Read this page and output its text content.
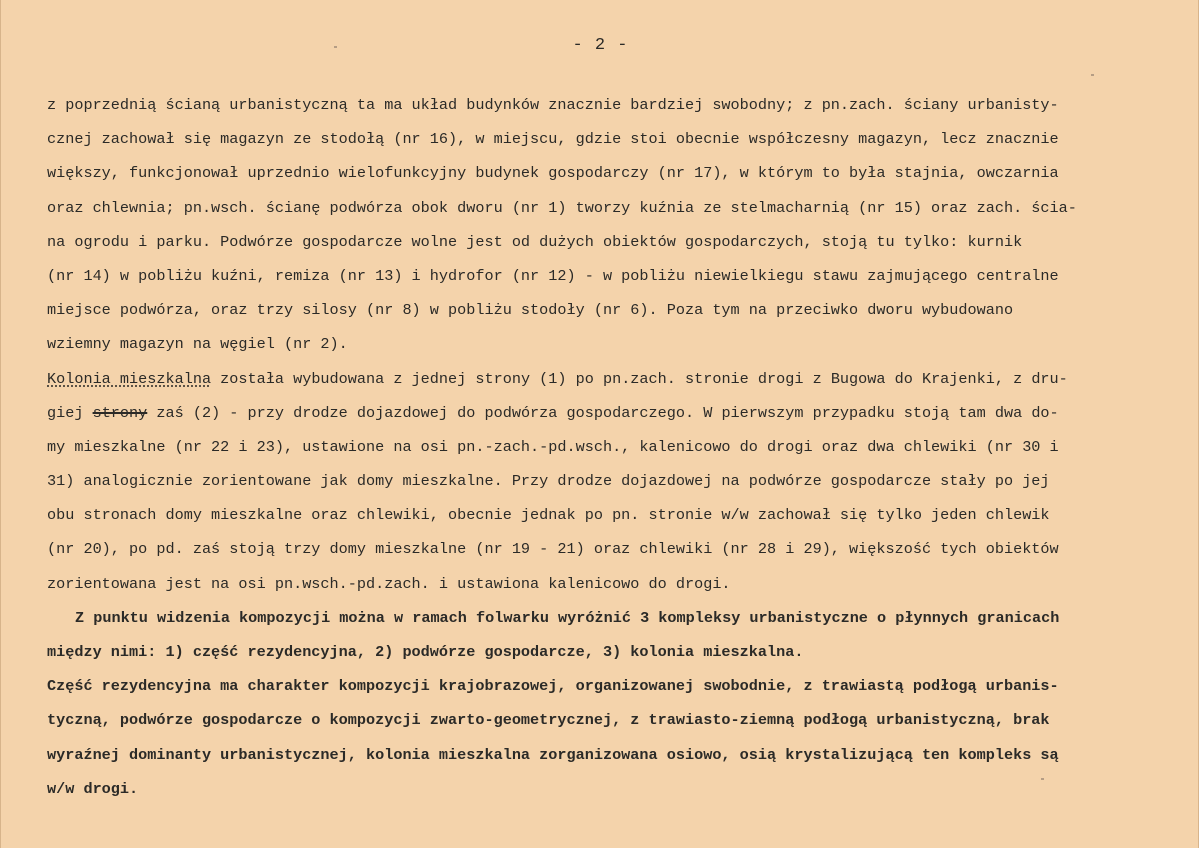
- 2 -
z poprzednią ścianą urbanistyczną ta ma układ budynków znacznie bardziej swobodny; z pn.zach. ściany urbanisty-
cznej zachował się magazyn ze stodołą (nr 16), w miejscu, gdzie stoi obecnie współczesny magazyn, lecz znacznie
większy, funkcjonował uprzednio wielofunkcyjny budynek gospodarczy (nr 17), w którym to była stajnia, owczarnia
oraz chlewnia; pn.wsch. ścianę podwórza obok dworu (nr 1) tworzy kuźnia ze stelmacharnią (nr 15) oraz zach. ścia-
na ogrodu i parku. Podwórze gospodarcze wolne jest od dużych obiektów gospodarczych, stoją tu tylko: kurnik
(nr 14) w pobliżu kuźni, remiza (nr 13) i hydrofor (nr 12) - w pobliżu niewielkiegu stawu zajmującego centralne
miejsce podwórza, oraz trzy silosy (nr 8) w pobliżu stodoły (nr 6). Poza tym na przeciwko dworu wybudowano
wziemny magazyn na węgiel (nr 2).
Kolonia mieszkalna została wybudowana z jednej strony (1) po pn.zach. stronie drogi z Bugowa do Krajenki, z dru-
giej strony zaś (2) - przy drodze dojazdowej do podwórza gospodarczego. W pierwszym przypadku stoją tam dwa do-
my mieszkalne (nr 22 i 23), ustawione na osi pn.-zach.-pd.wsch., kalenicowo do drogi oraz dwa chlewiki (nr 30 i
31) analogicznie zorientowane jak domy mieszkalne. Przy drodze dojazdowej na podwórze gospodarcze stały po jej
obu stronach domy mieszkalne oraz chlewiki, obecnie jednak po pn. stronie w/w zachował się tylko jeden chlewik
(nr 20), po pd. zaś stoją trzy domy mieszkalne (nr 19 - 21) oraz chlewiki (nr 28 i 29), większość tych obiektów
zorientowana jest na osi pn.wsch.-pd.zach. i ustawiona kalenicowo do drogi.
Z punktu widzenia kompozycji można w ramach folwarku wyróżnić 3 kompleksy urbanistyczne o płynnych granicach
między nimi: 1) część rezydencyjna, 2) podwórze gospodarcze, 3) kolonia mieszkalna.
Część rezydencyjna ma charakter kompozycji krajobrazowej, organizowanej swobodnie, z trawiastą podłogą urbanis-
tyczną, podwórze gospodarcze o kompozycji zwarto-geometrycznej, z trawiasto-ziemną podłogą urbanistyczną, brak
wyraźnej dominanty urbanistycznej, kolonia mieszkalna zorganizowana osiowo, osią krystalizującą ten kompleks są
w/w drogi.
